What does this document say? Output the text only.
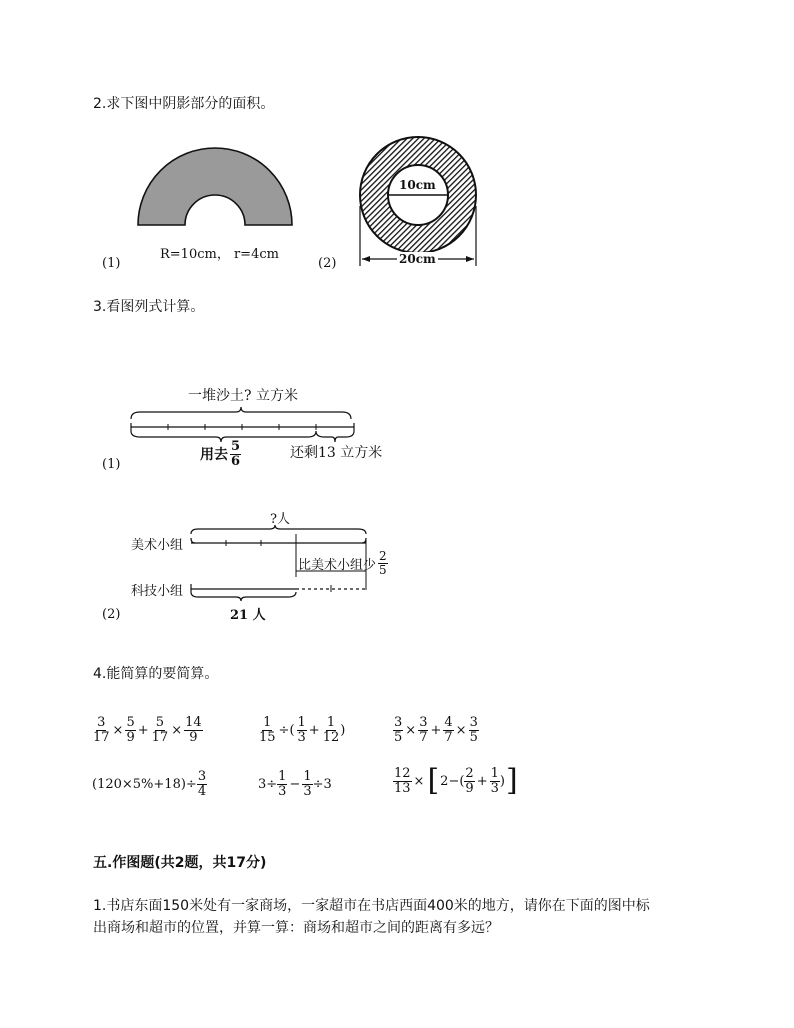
2.求下图中阴影部分的面积。
(1)
R=10cm， r=4cm
10cm
20cm
(2)
3.看图列式计算。
一堆沙土? 立方米
(1)
用去 $\frac{5}{6}$	还剩13 立方米
?人
美术小组
科技小组
比美术小组少 $\frac{2}{5}$
21 人
(2)
4.能简算的要简算。
$\frac{3}{17} \times \frac{5}{9} + \frac{5}{17} \times \frac{14}{9}$	$\frac{1}{15}$ ÷( $\frac{1}{3} + \frac{1}{12}$ )	$\frac{3}{5} \times \frac{3}{7} + \frac{4}{7} \times \frac{3}{5}$
$(120\times 5\%+18)\div \frac{3}{4}$	$3\div \frac{1}{3} - \frac{1}{3} \div 3$	$\frac{12}{13}$ × [ $2-( \frac{2}{9} + \frac{1}{3}$ ) ]
五.作图题(共2题，共17分)
1.书店东面150米处有一家商场，一家超市在书店西面400米的地方，请你在下面的图中标
出商场和超市的位置，并算一算：商场和超市之间的距离有多远？
